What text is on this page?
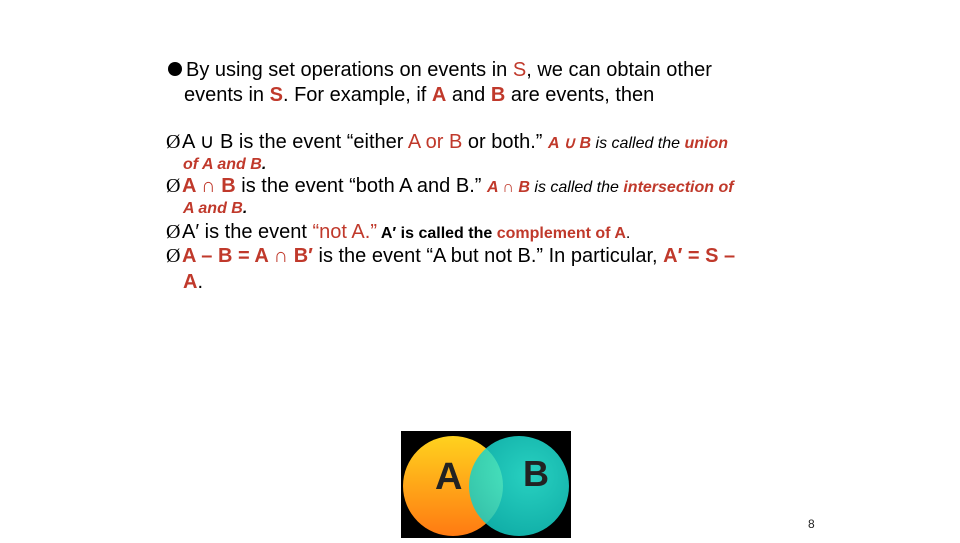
By using set operations on events in S, we can obtain other
events in S. For example, if A and B are events, then
ØA ∪ B is the event “either A or B or both.” A ∪ B is called the union
of A and B.
ØA ∩ B is the event “both A and B.” A ∩ B is called the intersection of
A and B.
ØA′ is the event “not A.” A′ is called the complement of A.
ØA – B = A ∩ B′ is the event “A but not B.” In particular, A′ = S –
A.
A B
8
